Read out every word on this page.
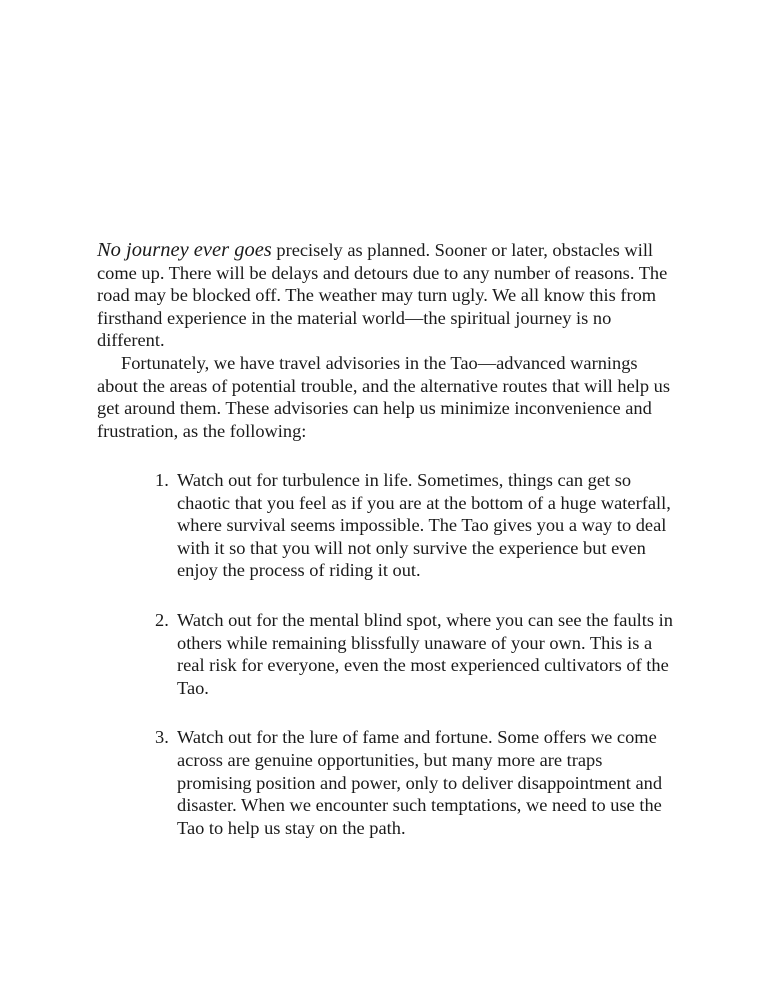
No journey ever goes precisely as planned. Sooner or later, obstacles will come up. There will be delays and detours due to any number of reasons. The road may be blocked off. The weather may turn ugly. We all know this from firsthand experience in the material world—the spiritual journey is no different.

Fortunately, we have travel advisories in the Tao—advanced warnings about the areas of potential trouble, and the alternative routes that will help us get around them. These advisories can help us minimize inconvenience and frustration, as the following:

1. Watch out for turbulence in life. Sometimes, things can get so chaotic that you feel as if you are at the bottom of a huge waterfall, where survival seems impossible. The Tao gives you a way to deal with it so that you will not only survive the experience but even enjoy the process of riding it out.
2. Watch out for the mental blind spot, where you can see the faults in others while remaining blissfully unaware of your own. This is a real risk for everyone, even the most experienced cultivators of the Tao.
3. Watch out for the lure of fame and fortune. Some offers we come across are genuine opportunities, but many more are traps promising position and power, only to deliver disappointment and disaster. When we encounter such temptations, we need to use the Tao to help us stay on the path.
